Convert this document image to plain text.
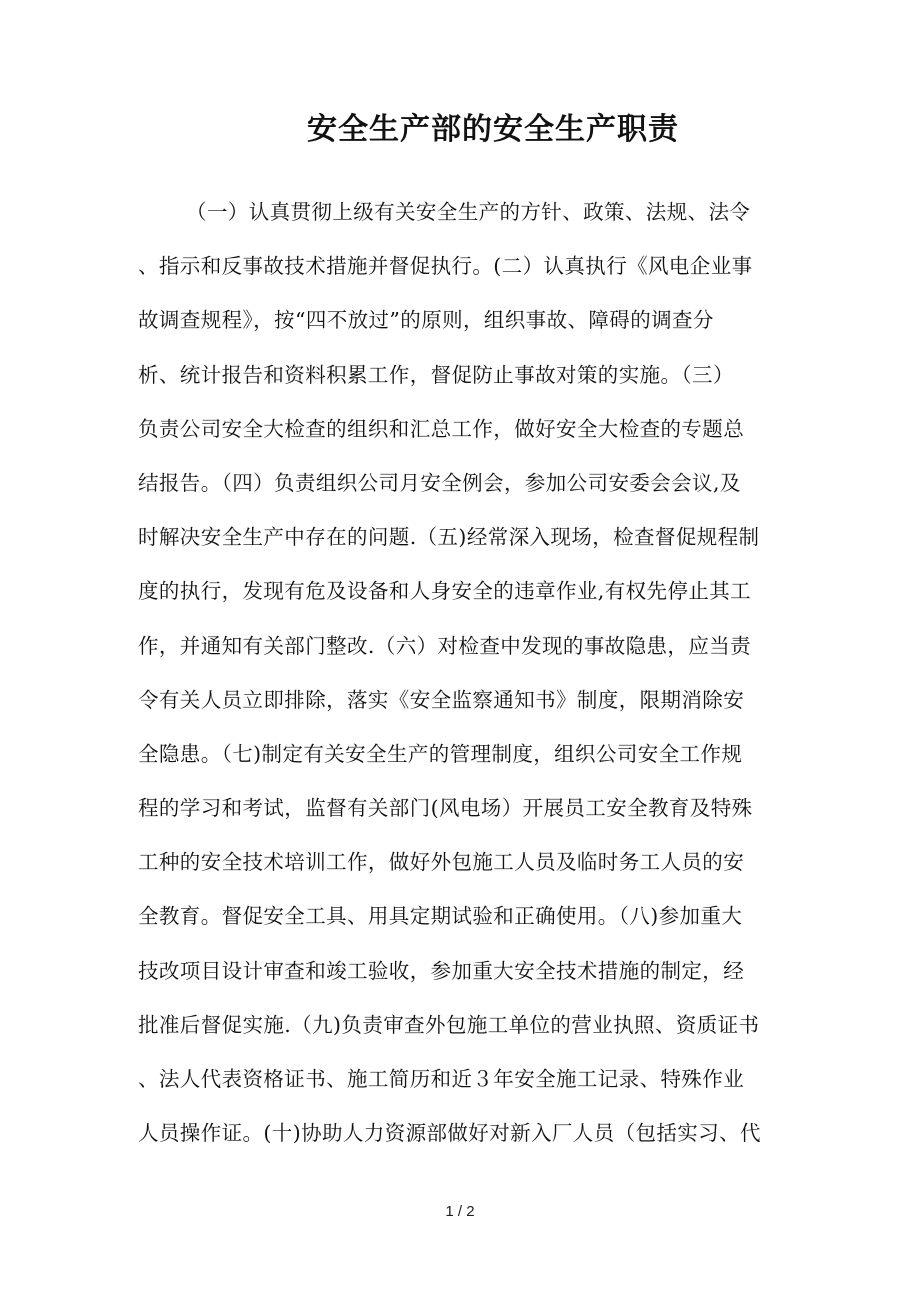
安全生产部的安全生产职责
（一）认真贯彻上级有关安全生产的方针、政策、法规、法令
、指示和反事故技术措施并督促执行。(二）认真执行《风电企业事
故调查规程》，按“四不放过”的原则，组织事故、障碍的调查分
析、统计报告和资料积累工作，督促防止事故对策的实施。（三）
负责公司安全大检查的组织和汇总工作，做好安全大检查的专题总
结报告。（四）负责组织公司月安全例会，参加公司安委会会议,及
时解决安全生产中存在的问题.（五)经常深入现场，检查督促规程制
度的执行，发现有危及设备和人身安全的违章作业,有权先停止其工
作，并通知有关部门整改.（六）对检查中发现的事故隐患，应当责
令有关人员立即排除，落实《安全监察通知书》制度，限期消除安
全隐患。（七)制定有关安全生产的管理制度，组织公司安全工作规
程的学习和考试，监督有关部门(风电场）开展员工安全教育及特殊
工种的安全技术培训工作，做好外包施工人员及临时务工人员的安
全教育。督促安全工具、用具定期试验和正确使用。（八)参加重大
技改项目设计审查和竣工验收，参加重大安全技术措施的制定，经
批准后督促实施.（九)负责审查外包施工单位的营业执照、资质证书
、法人代表资格证书、施工简历和近３年安全施工记录、特殊作业
人员操作证。(十)协助人力资源部做好对新入厂人员（包括实习、代
1 / 2
